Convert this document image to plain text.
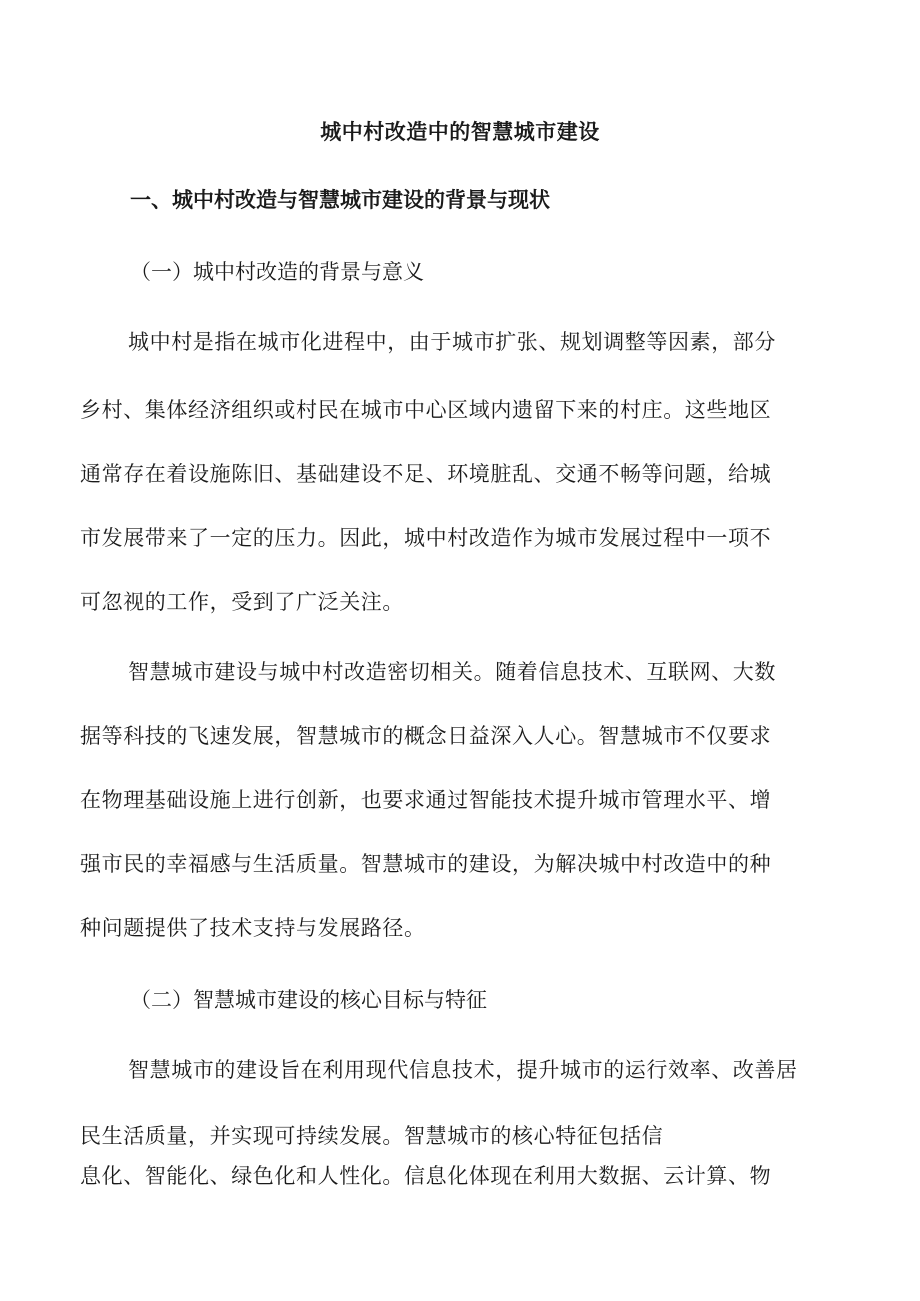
城中村改造中的智慧城市建设
一、城中村改造与智慧城市建设的背景与现状
（一）城中村改造的背景与意义
城中村是指在城市化进程中，由于城市扩张、规划调整等因素，部分
乡村、集体经济组织或村民在城市中心区域内遗留下来的村庄。这些地区
通常存在着设施陈旧、基础建设不足、环境脏乱、交通不畅等问题，给城
市发展带来了一定的压力。因此，城中村改造作为城市发展过程中一项不
可忽视的工作，受到了广泛关注。
智慧城市建设与城中村改造密切相关。随着信息技术、互联网、大数
据等科技的飞速发展，智慧城市的概念日益深入人心。智慧城市不仅要求
在物理基础设施上进行创新，也要求通过智能技术提升城市管理水平、增
强市民的幸福感与生活质量。智慧城市的建设，为解决城中村改造中的种
种问题提供了技术支持与发展路径。
（二）智慧城市建设的核心目标与特征
智慧城市的建设旨在利用现代信息技术，提升城市的运行效率、改善居
民生活质量，并实现可持续发展。智慧城市的核心特征包括信
息化、智能化、绿色化和人性化。信息化体现在利用大数据、云计算、物
